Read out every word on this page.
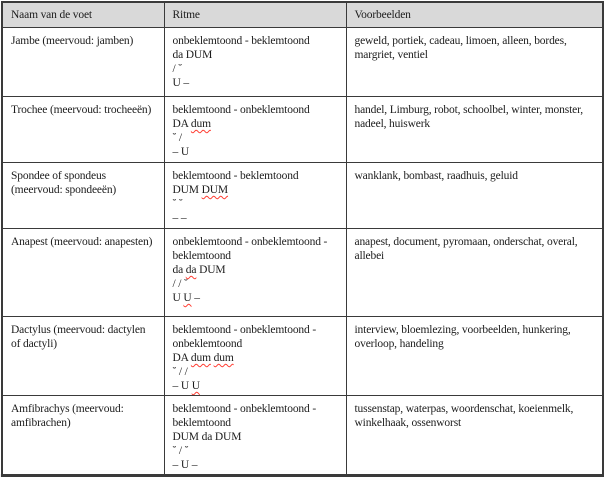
Naam van de voet	Ritme	Voorbeelden
Jambe (meervoud: jamben)	onbeklemtoond - beklemtoond
da DUM
/ ˘
U –	geweld, portiek, cadeau, limoen, alleen, bordes, margriet, ventiel
Trochee (meervoud: trocheeën)	beklemtoond - onbeklemtoond
DA dum
˘ /
– U	handel, Limburg, robot, schoolbel, winter, monster, nadeel, huiswerk
Spondee of spondeus (meervoud: spondeeën)	beklemtoond - beklemtoond
DUM DUM
˘ ˘
– –	wanklank, bombast, raadhuis, geluid
Anapest (meervoud: anapesten)	onbeklemtoond - onbeklemtoond - beklemtoond
da da DUM
/ / ˘
U U –	anapest, document, pyromaan, onderschat, overal, allebei
Dactylus (meervoud: dactylen of dactyli)	beklemtoond - onbeklemtoond - onbeklemtoond
DA dum dum
˘ / /
– U U	interview, bloemlezing, voorbeelden, hunkering, overloop, handeling
Amfibrachys (meervoud: amfibrachen)	beklemtoond - onbeklemtoond - beklemtoond
DUM da DUM
˘ / ˘
– U –	tussenstap, waterpas, woordenschat, koeienmelk, winkelhaak, ossenworst
